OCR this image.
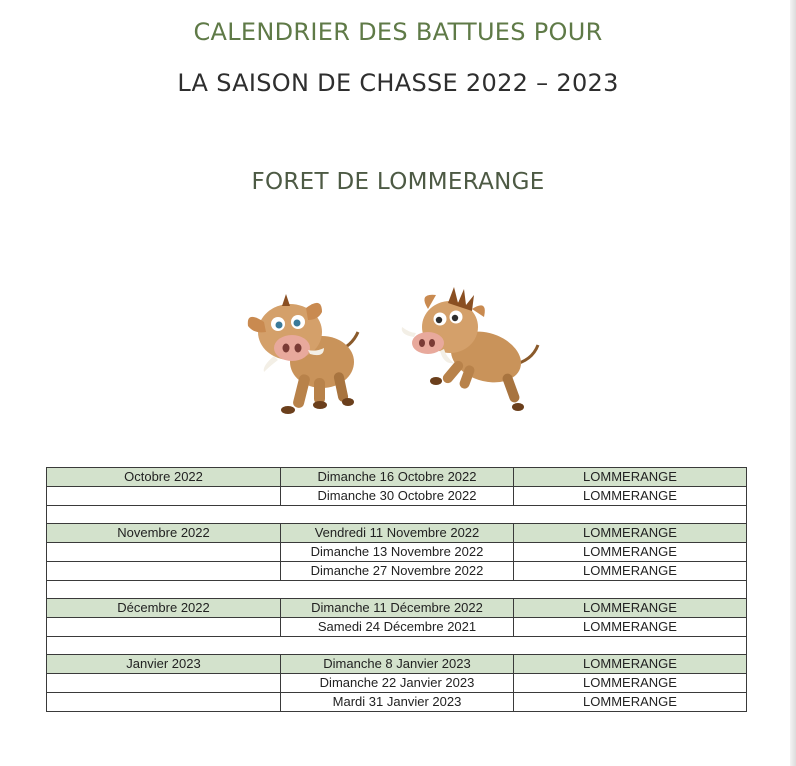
CALENDRIER DES BATTUES POUR
LA SAISON DE CHASSE 2022 – 2023
FORET DE LOMMERANGE
Octobre 2022	Dimanche 16 Octobre 2022	LOMMERANGE
	Dimanche 30 Octobre 2022	LOMMERANGE

Novembre 2022	Vendredi 11 Novembre 2022	LOMMERANGE
	Dimanche 13 Novembre 2022	LOMMERANGE
	Dimanche 27 Novembre 2022	LOMMERANGE

Décembre 2022	Dimanche 11 Décembre 2022	LOMMERANGE
	Samedi 24 Décembre 2021	LOMMERANGE

Janvier 2023	Dimanche 8 Janvier 2023	LOMMERANGE
	Dimanche 22 Janvier 2023	LOMMERANGE
	Mardi 31 Janvier 2023	LOMMERANGE
